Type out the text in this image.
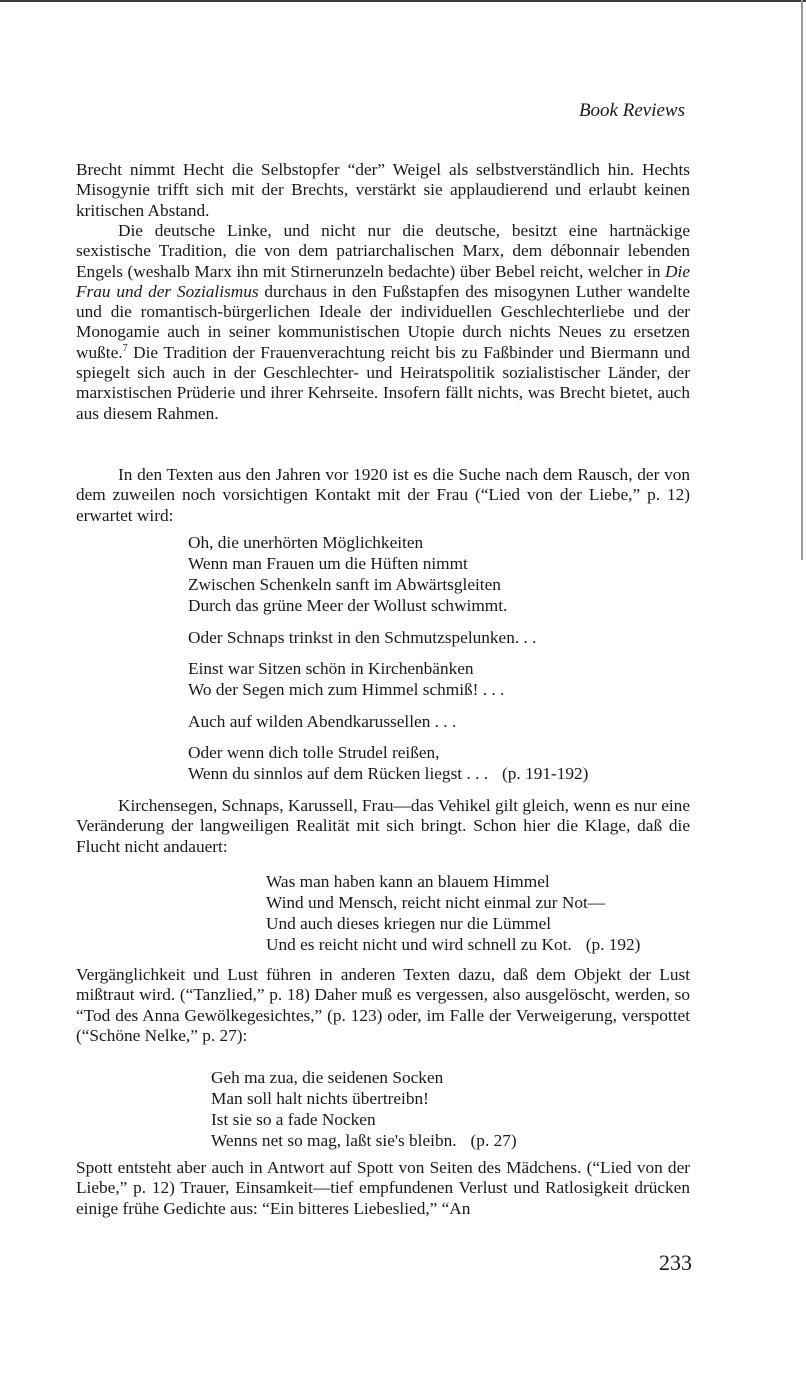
Book Reviews

Brecht nimmt Hecht die Selbstopfer “der” Weigel als selbstverständlich hin. Hechts Misogynie trifft sich mit der Brechts, verstärkt sie applaudierend und erlaubt keinen kritischen Abstand.

Die deutsche Linke, und nicht nur die deutsche, besitzt eine hartnäckige sexistische Tradition, die von dem patriarchalischen Marx, dem débonnair lebenden Engels (weshalb Marx ihn mit Stirnerunzeln bedachte) über Bebel reicht, welcher in Die Frau und der Sozialismus durchaus in den Fußstapfen des misogynen Luther wandelte und die romantisch-bürgerlichen Ideale der individuellen Geschlechterliebe und der Monogamie auch in seiner kommunistischen Utopie durch nichts Neues zu ersetzen wußte.$^7$ Die Tradition der Frauenverachtung reicht bis zu Faßbinder und Biermann und spiegelt sich auch in der Geschlechter- und Heiratspolitik sozialistischer Länder, der marxistischen Prüderie und ihrer Kehrseite. Insofern fällt nichts, was Brecht bietet, auch aus diesem Rahmen.

In den Texten aus den Jahren vor 1920 ist es die Suche nach dem Rausch, der von dem zuweilen noch vorsichtigen Kontakt mit der Frau (“Lied von der Liebe,” p. 12) erwartet wird:

Oh, die unerhörten Möglichkeiten
Wenn man Frauen um die Hüften nimmt
Zwischen Schenkeln sanft im Abwärtsgleiten
Durch das grüne Meer der Wollust schwimmt.
Oder Schnaps trinkst in den Schmutzspelunken. . .
Einst war Sitzen schön in Kirchenbänken
Wo der Segen mich zum Himmel schmiß! . . .
Auch auf wilden Abendkarussellen . . .
Oder wenn dich tolle Strudel reißen,
Wenn du sinnlos auf dem Rücken liegst . . . (p. 191-192)

Kirchensegen, Schnaps, Karussell, Frau—das Vehikel gilt gleich, wenn es nur eine Veränderung der langweiligen Realität mit sich bringt. Schon hier die Klage, daß die Flucht nicht andauert:

Was man haben kann an blauem Himmel
Wind und Mensch, reicht nicht einmal zur Not—
Und auch dieses kriegen nur die Lümmel
Und es reicht nicht und wird schnell zu Kot. (p. 192)

Vergänglichkeit und Lust führen in anderen Texten dazu, daß dem Objekt der Lust mißtraut wird. (“Tanzlied,” p. 18) Daher muß es vergessen, also ausgelöscht, werden, so “Tod des Anna Gewölkegesichtes,” (p. 123) oder, im Falle der Verweigerung, verspottet (“Schöne Nelke,” p. 27):

Geh ma zua, die seidenen Socken
Man soll halt nichts übertreibn!
Ist sie so a fade Nocken
Wenns net so mag, laßt sie's bleibn. (p. 27)

Spott entsteht aber auch in Antwort auf Spott von Seiten des Mädchens. (“Lied von der Liebe,” p. 12) Trauer, Einsamkeit—tief empfundenen Verlust und Ratlosigkeit drücken einige frühe Gedichte aus: “Ein bitteres Liebeslied,” “An

233
